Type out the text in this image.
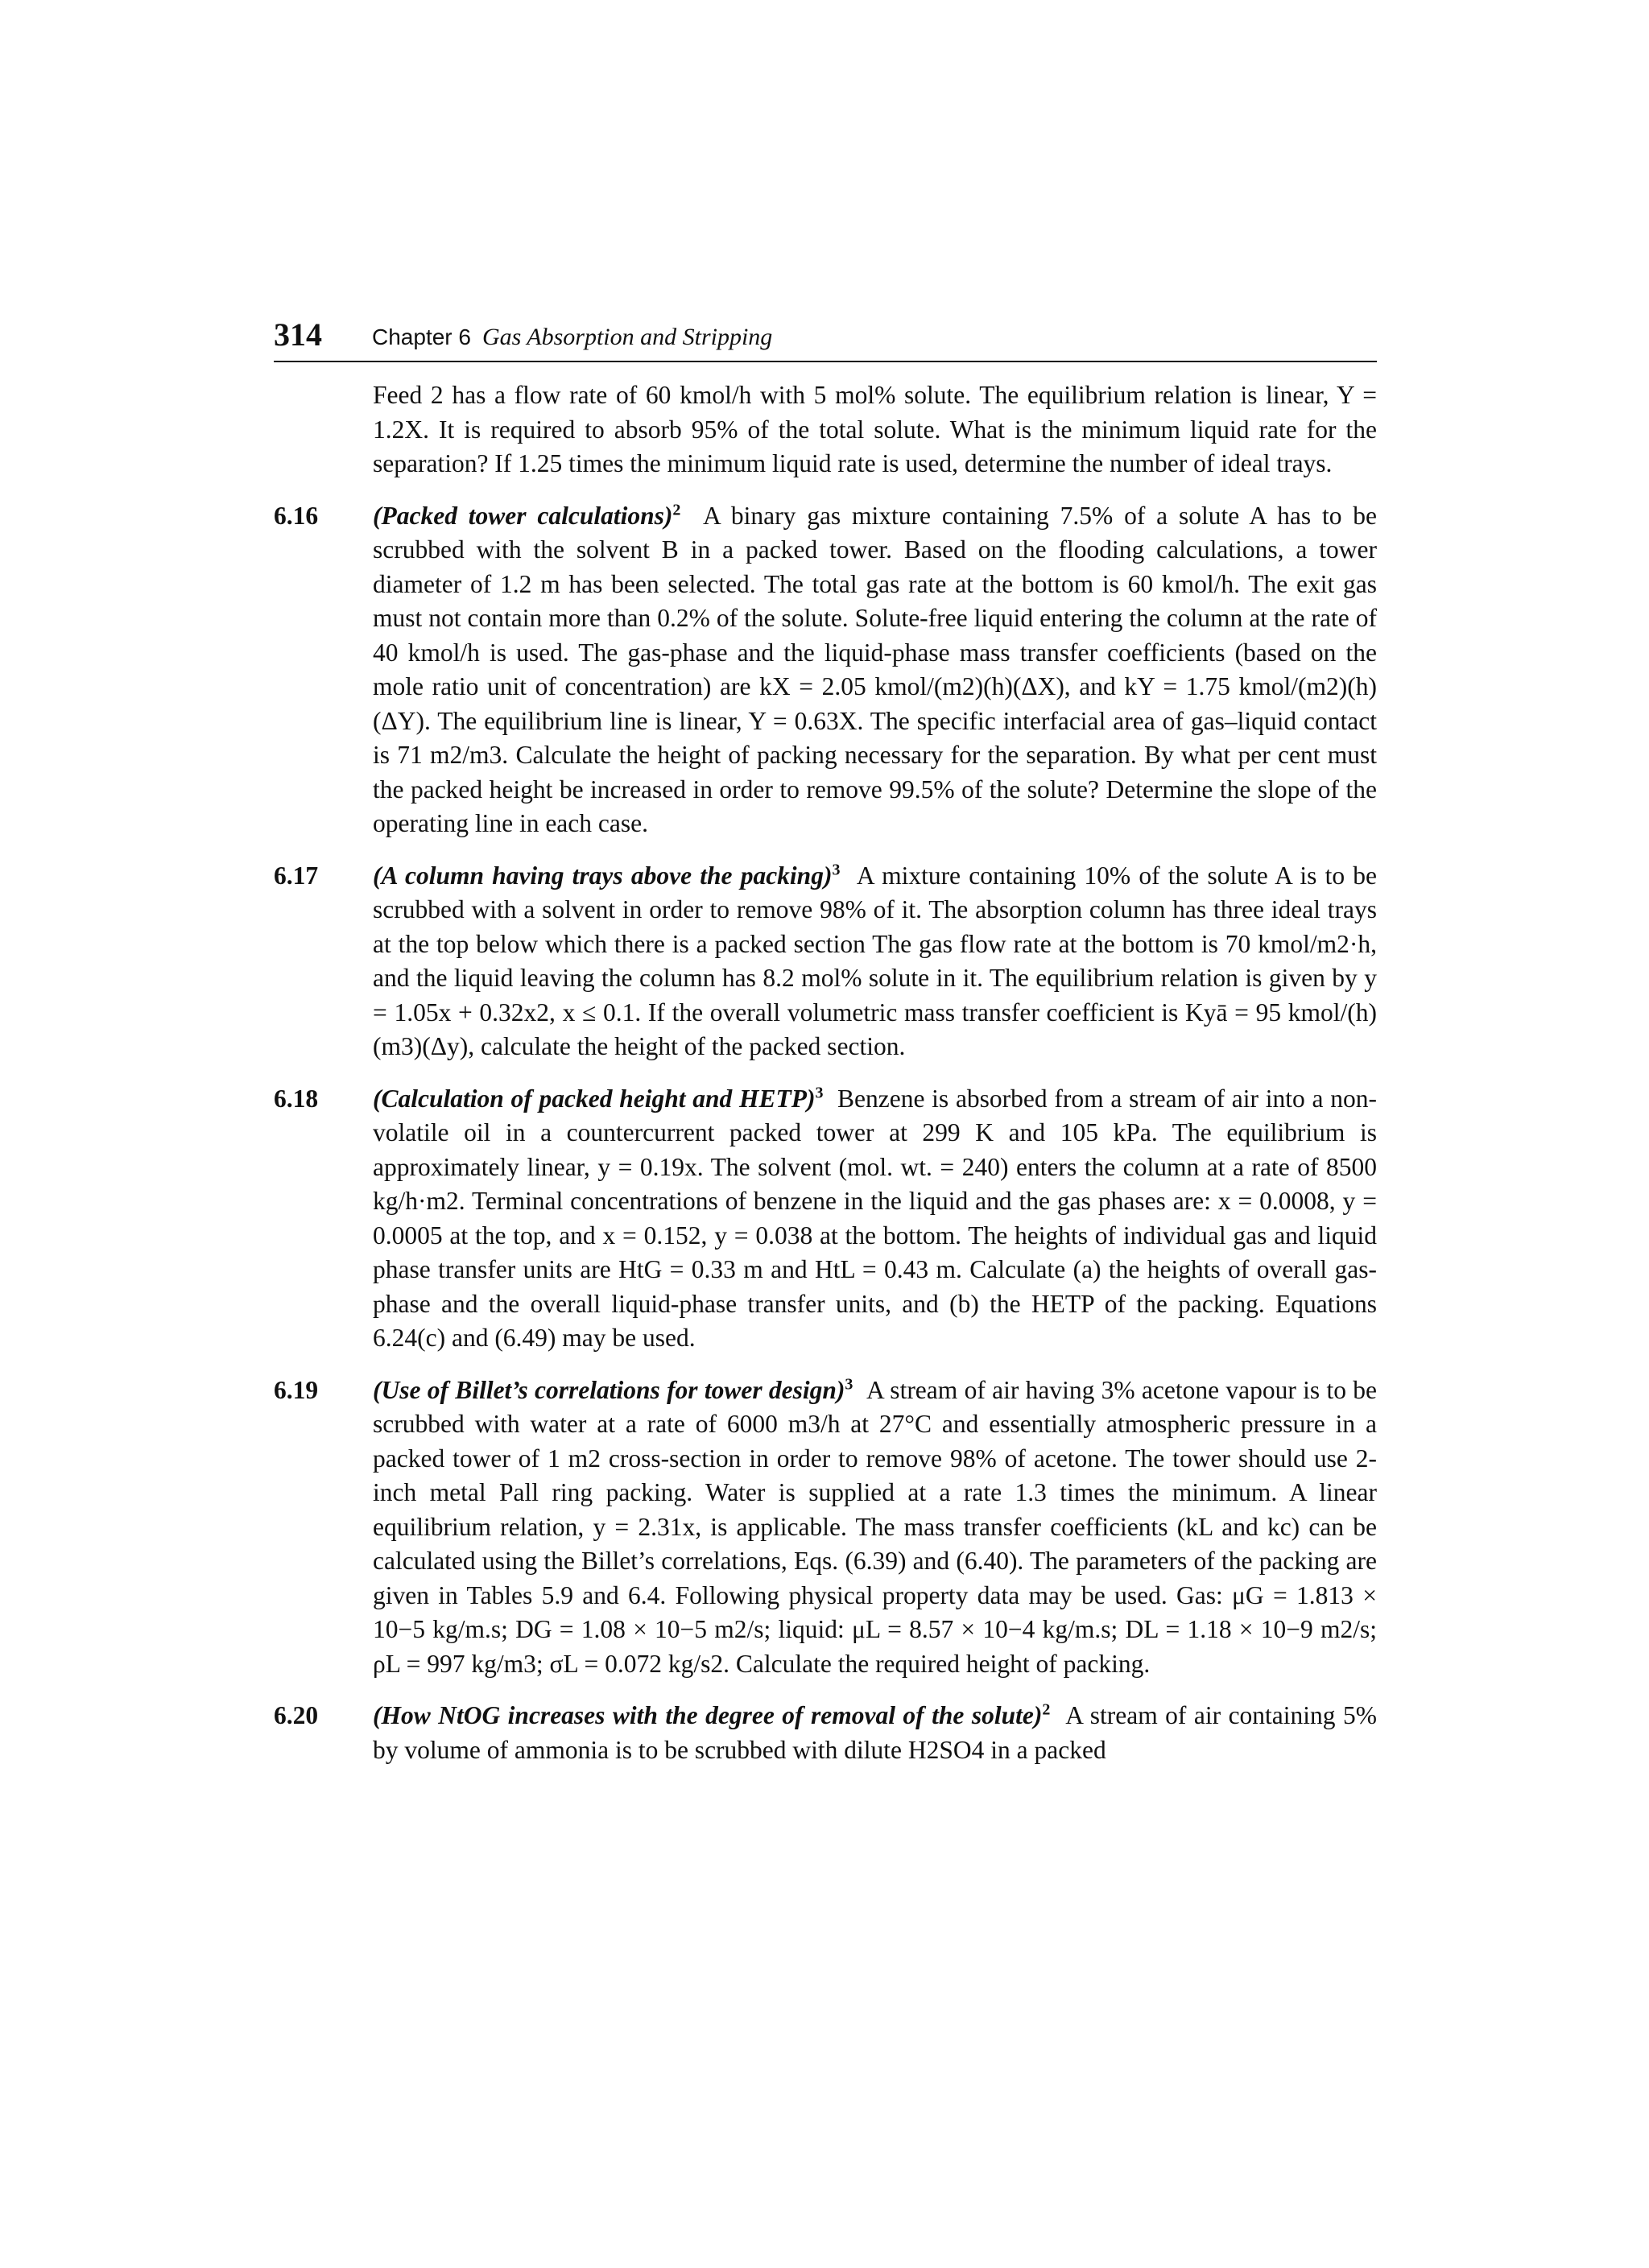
314 Chapter 6 Gas Absorption and Stripping

Feed 2 has a flow rate of 60 kmol/h with 5 mol% solute. The equilibrium relation is linear, Y = 1.2X. It is required to absorb 95% of the total solute. What is the minimum liquid rate for the separation? If 1.25 times the minimum liquid rate is used, determine the number of ideal trays.

6.16 (Packed tower calculations)$^2$ A binary gas mixture containing 7.5% of a solute A has to be scrubbed with the solvent B in a packed tower. Based on the flooding calculations, a tower diameter of 1.2 m has been selected. The total gas rate at the bottom is 60 kmol/h. The exit gas must not contain more than 0.2% of the solute. Solute-free liquid entering the column at the rate of 40 kmol/h is used. The gas-phase and the liquid-phase mass transfer coefficients (based on the mole ratio unit of concentration) are kX = 2.05 kmol/(m2)(h)(ΔX), and kY = 1.75 kmol/(m2)(h)(ΔY). The equilibrium line is linear, Y = 0.63X. The specific interfacial area of gas–liquid contact is 71 m2/m3. Calculate the height of packing necessary for the separation. By what per cent must the packed height be increased in order to remove 99.5% of the solute? Determine the slope of the operating line in each case.

6.17 (A column having trays above the packing)$^3$ A mixture containing 10% of the solute A is to be scrubbed with a solvent in order to remove 98% of it. The absorption column has three ideal trays at the top below which there is a packed section The gas flow rate at the bottom is 70 kmol/m2·h, and the liquid leaving the column has 8.2 mol% solute in it. The equilibrium relation is given by y = 1.05x + 0.32x2, x ≤ 0.1. If the overall volumetric mass transfer coefficient is Kyā = 95 kmol/(h)(m3)(Δy), calculate the height of the packed section.

6.18 (Calculation of packed height and HETP)$^3$ Benzene is absorbed from a stream of air into a non-volatile oil in a countercurrent packed tower at 299 K and 105 kPa. The equilibrium is approximately linear, y = 0.19x. The solvent (mol. wt. = 240) enters the column at a rate of 8500 kg/h·m2. Terminal concentrations of benzene in the liquid and the gas phases are: x = 0.0008, y = 0.0005 at the top, and x = 0.152, y = 0.038 at the bottom. The heights of individual gas and liquid phase transfer units are HtG = 0.33 m and HtL = 0.43 m. Calculate (a) the heights of overall gas-phase and the overall liquid-phase transfer units, and (b) the HETP of the packing. Equations 6.24(c) and (6.49) may be used.

6.19 (Use of Billet’s correlations for tower design)$^3$ A stream of air having 3% acetone vapour is to be scrubbed with water at a rate of 6000 m3/h at 27°C and essentially atmospheric pressure in a packed tower of 1 m2 cross-section in order to remove 98% of acetone. The tower should use 2-inch metal Pall ring packing. Water is supplied at a rate 1.3 times the minimum. A linear equilibrium relation, y = 2.31x, is applicable. The mass transfer coefficients (kL and kc) can be calculated using the Billet’s correlations, Eqs. (6.39) and (6.40). The parameters of the packing are given in Tables 5.9 and 6.4. Following physical property data may be used. Gas: μG = 1.813 × 10−5 kg/m.s; DG = 1.08 × 10−5 m2/s; liquid: μL = 8.57 × 10−4 kg/m.s; DL = 1.18 × 10−9 m2/s; ρL = 997 kg/m3; σL = 0.072 kg/s2. Calculate the required height of packing.

6.20 (How NtOG increases with the degree of removal of the solute)$^2$ A stream of air containing 5% by volume of ammonia is to be scrubbed with dilute H2SO4 in a packed
